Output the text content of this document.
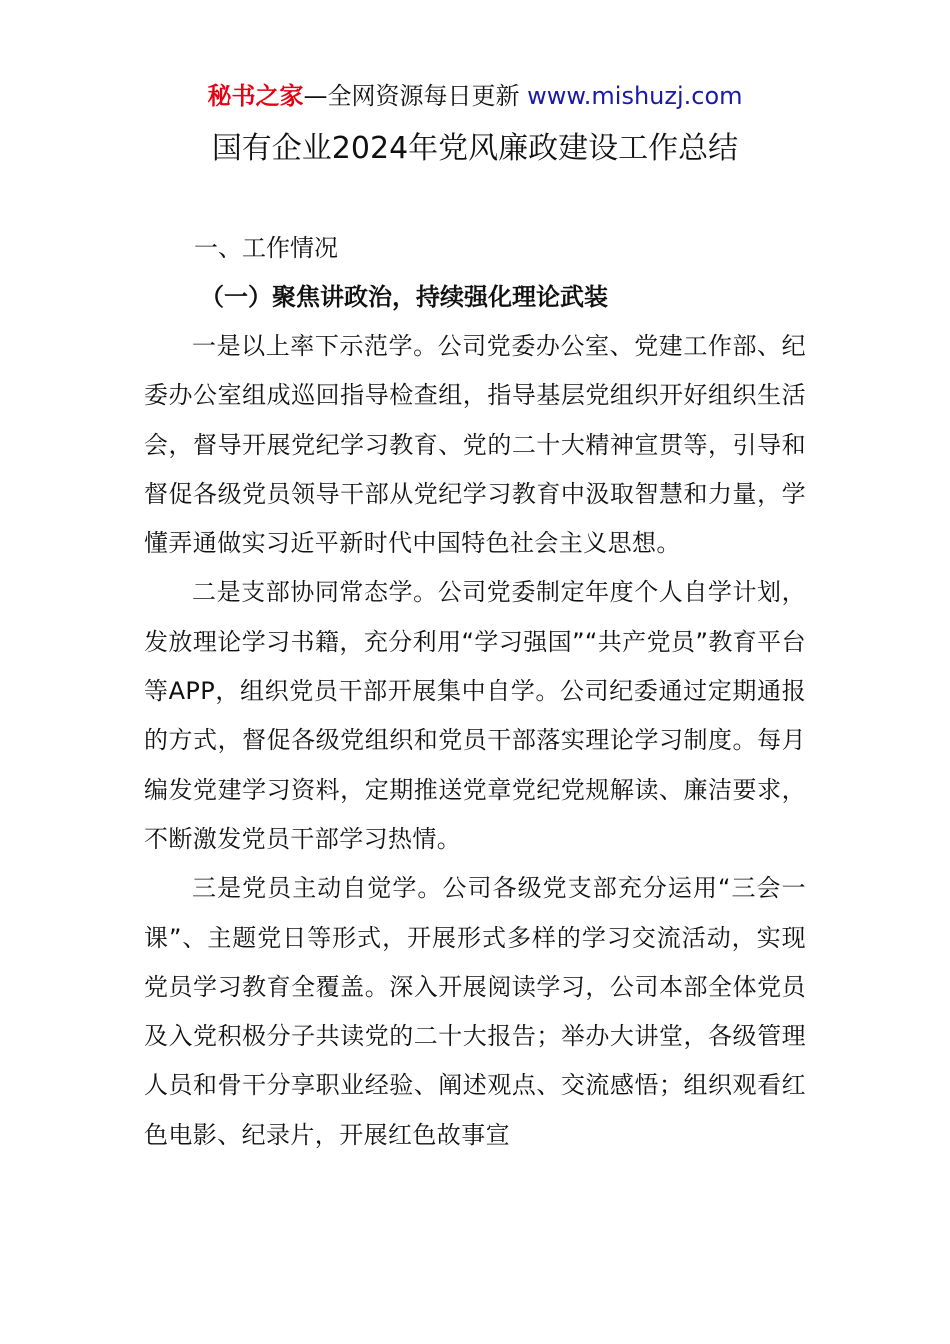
秘书之家—全网资源每日更新 www.mishuzj.com
国有企业2024年党风廉政建设工作总结
一、工作情况
（一）聚焦讲政治，持续强化理论武装

一是以上率下示范学。公司党委办公室、党建工作部、纪委办公室组成巡回指导检查组，指导基层党组织开好组织生活会，督导开展党纪学习教育、党的二十大精神宣贯等，引导和督促各级党员领导干部从党纪学习教育中汲取智慧和力量，学懂弄通做实习近平新时代中国特色社会主义思想。

二是支部协同常态学。公司党委制定年度个人自学计划，发放理论学习书籍，充分利用“学习强国”“共产党员”教育平台等APP，组织党员干部开展集中自学。公司纪委通过定期通报的方式，督促各级党组织和党员干部落实理论学习制度。每月编发党建学习资料，定期推送党章党纪党规解读、廉洁要求，不断激发党员干部学习热情。

三是党员主动自觉学。公司各级党支部充分运用“三会一课”、主题党日等形式，开展形式多样的学习交流活动，实现党员学习教育全覆盖。深入开展阅读学习，公司本部全体党员及入党积极分子共读党的二十大报告；举办大讲堂，各级管理人员和骨干分享职业经验、阐述观点、交流感悟；组织观看红色电影、纪录片，开展红色故事宣
